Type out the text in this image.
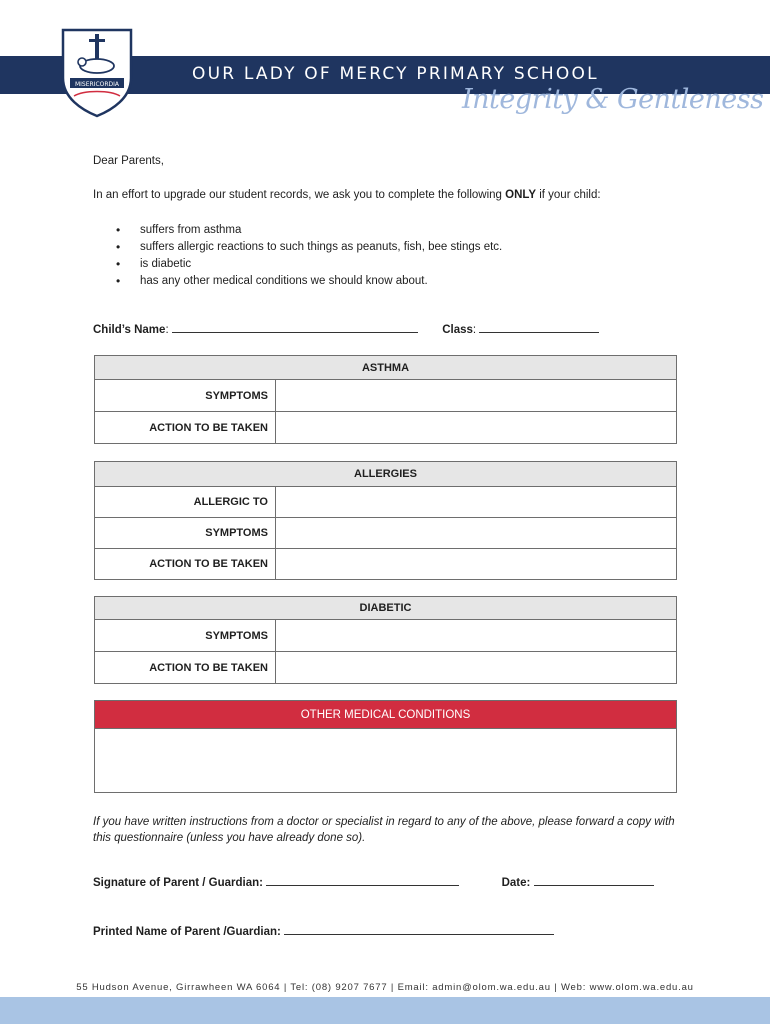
MISERICORDIA
OUR LADY OF MERCY PRIMARY SCHOOL
Integrity & Gentleness
Dear Parents,
In an effort to upgrade our student records, we ask you to complete the following ONLY if your child:
• suffers from asthma
• suffers allergic reactions to such things as peanuts, fish, bee stings etc.
• is diabetic
• has any other medical conditions we should know about.
Child’s Name:	Class:
ASTHMA	
SYMPTOMS	
ACTION TO BE TAKEN	
ALLERGIES	
ALLERGIC TO	
SYMPTOMS	
ACTION TO BE TAKEN	
DIABETIC	
SYMPTOMS	
ACTION TO BE TAKEN	
OTHER MEDICAL CONDITIONS

If you have written instructions from a doctor or specialist in regard to any of the above, please forward a copy with this questionnaire (unless you have already done so).
Signature of Parent / Guardian:	Date:
Printed Name of Parent /Guardian:
55 Hudson Avenue, Girrawheen WA 6064 | Tel: (08) 9207 7677 | Email: admin@olom.wa.edu.au | Web: www.olom.wa.edu.au
